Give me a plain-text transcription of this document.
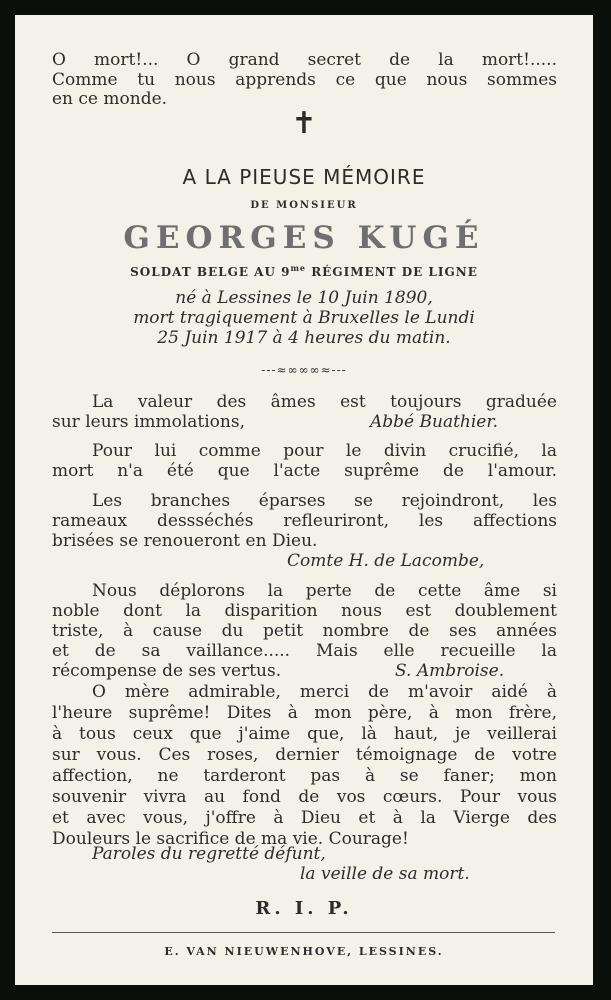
O mort!... O grand secret de la mort!.....
Comme tu nous apprends ce que nous sommes
en ce monde.
✝
A LA PIEUSE MÉMOIRE
DE MONSIEUR
GEORGES KUGÉ
SOLDAT BELGE AU $9^{me}$ RÉGIMENT DE LIGNE
né à Lessines le 10 Juin 1890,
mort tragiquement à Bruxelles le Lundi
25 Juin 1917 à 4 heures du matin.
---≈∞∞∞≈---
La valeur des âmes est toujours graduée
sur leurs immolations,	Abbé Buathier.
Pour lui comme pour le divin crucifié, la
mort n'a été que l'acte suprême de l'amour.
Les branches éparses se rejoindront, les
rameaux dessséchés refleuriront, les affections
brisées se renoueront en Dieu.
Comte H. de Lacombe,
Nous déplorons la perte de cette âme si
noble dont la disparition nous est doublement
triste, à cause du petit nombre de ses années
et de sa vaillance..... Mais elle recueille la
récompense de ses vertus.	S. Ambroise.
O mère admirable, merci de m'avoir aidé à
l'heure suprême! Dites à mon père, à mon frère,
à tous ceux que j'aime que, là haut, je veillerai
sur vous. Ces roses, dernier témoignage de votre
affection, ne tarderont pas à se faner; mon
souvenir vivra au fond de vos cœurs. Pour vous
et avec vous, j'offre à Dieu et à la Vierge des
Douleurs le sacrifice de ma vie. Courage!
Paroles du regretté défunt,
la veille de sa mort.
R. I. P.
E. VAN NIEUWENHOVE, LESSINES.
